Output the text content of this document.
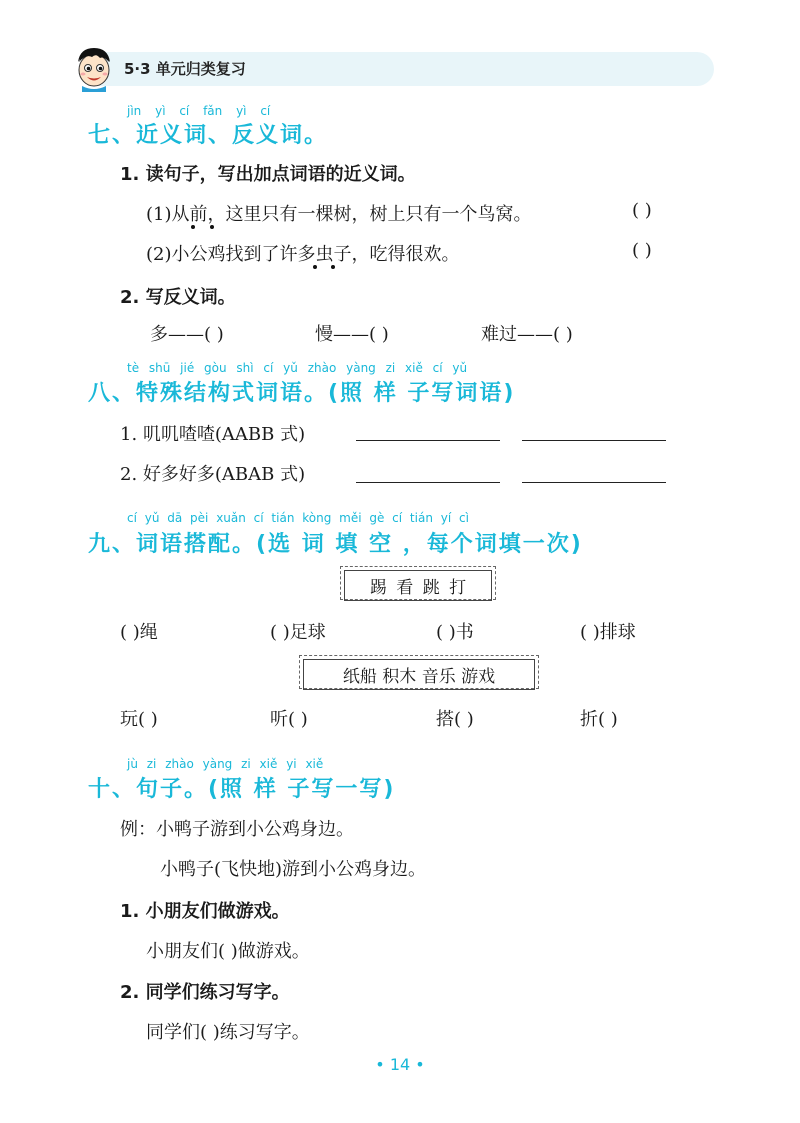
5·3 单元归类复习
jìn yì cí fǎn yì cí
七、近义词、反义词。
1. 读句子，写出加点词语的近义词。
(1)从前，这里只有一棵树，树上只有一个鸟窝。	( )
(2)小公鸡找到了许多虫子，吃得很欢。	( )
2. 写反义词。
多——( )	慢——( )	难过——( )
tè shū jié gòu shì cí yǔ zhào yàng zi xiě cí yǔ
八、特殊结构式词语。(照 样 子写词语)
1. 叽叽喳喳(AABB 式)
2. 好多好多(ABAB 式)
cí yǔ dā pèi xuǎn cí tián kòng měi gè cí tián yí cì
九、词语搭配。(选 词 填 空 ，每个词填一次)
踢 看 跳 打
( )绳	( )足球	( )书	( )排球
纸船 积木 音乐 游戏
玩( )	听( )	搭( )	折( )
jù zi zhào yàng zi xiě yi xiě
十、句子。(照 样 子写一写)
例：小鸭子游到小公鸡身边。
小鸭子(飞快地)游到小公鸡身边。
1. 小朋友们做游戏。
小朋友们( )做游戏。
2. 同学们练习写字。
同学们( )练习写字。
• 14 •
